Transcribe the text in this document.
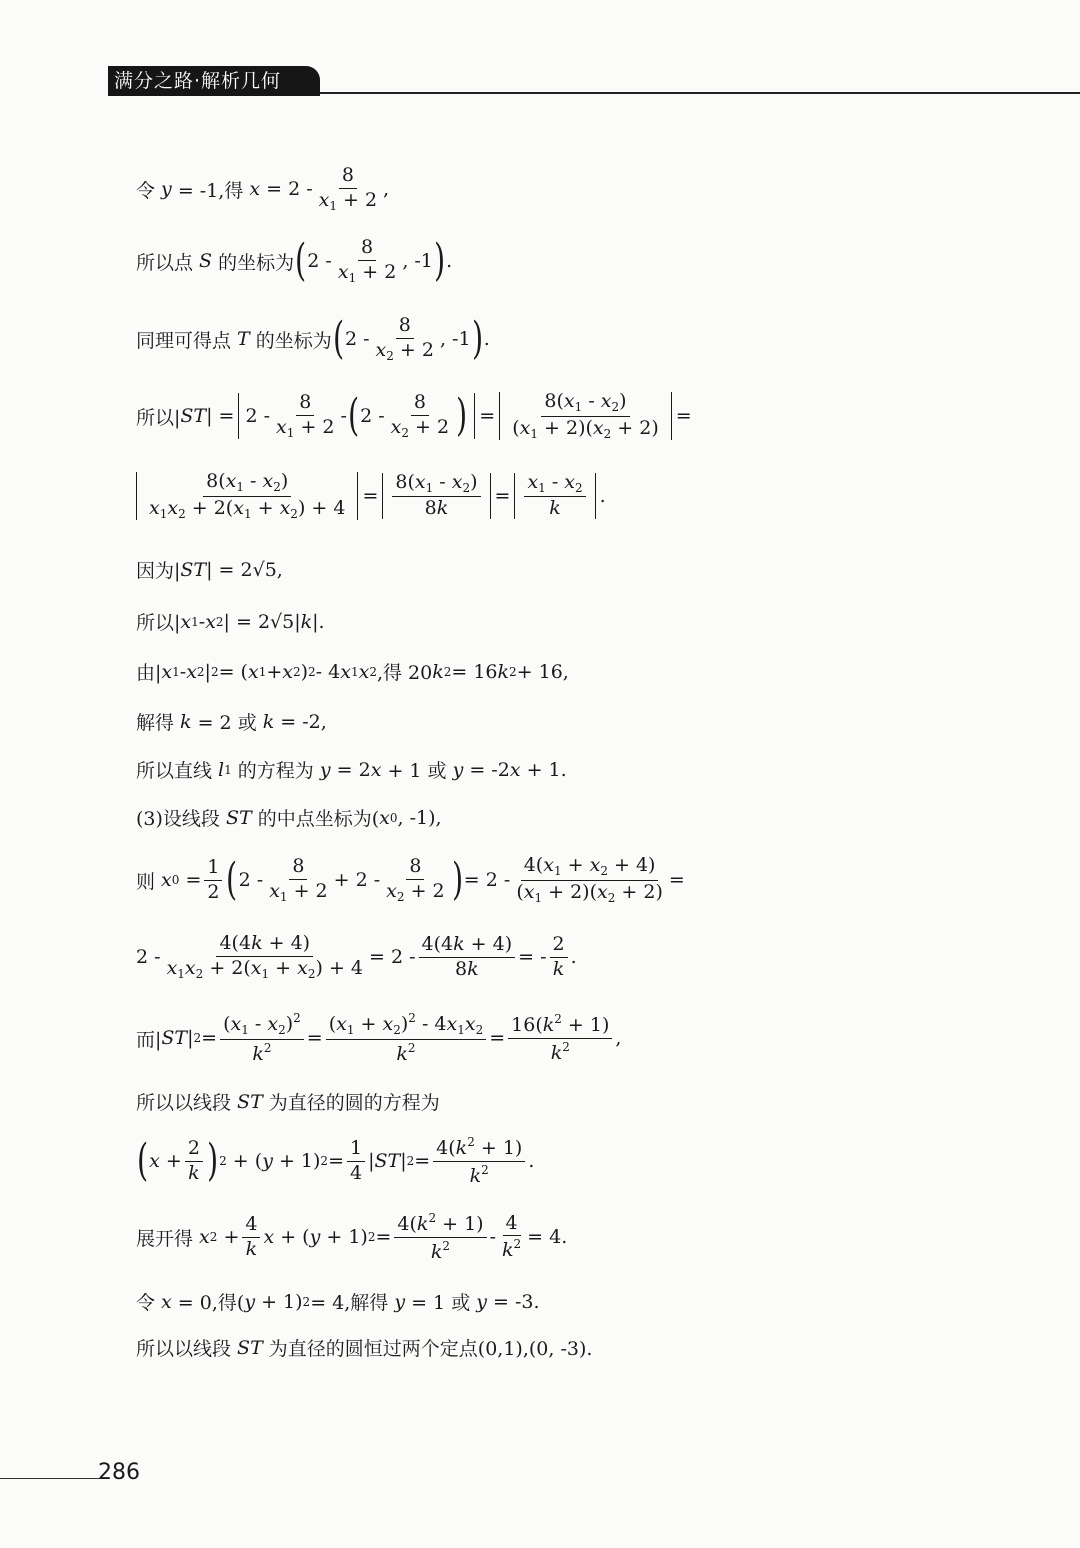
满分之路·解析几何
令 y = -1,得 $x = 2 - \frac{8}{x_1 + 2}$ ,
所以点 S 的坐标为 ( $2 - \frac{8}{x_1 + 2}$ , -1 ) .
同理可得点 T 的坐标为 ( $2 - \frac{8}{x_2 + 2}$ , -1 ) .
所以| ST | = $2 - \frac{8}{x_1 + 2}$ - ( $2 - \frac{8}{x_2 + 2}$ ) = $\frac{8(x_1 - x_2)}{(x_1 + 2)(x_2 + 2)}$ =
$\frac{8(x_1 - x_2)}{x_1x_2 + 2(x_1 + x_2) + 4} = \frac{8(x_1 - x_2)}{8k} = \frac{x_1 - x_2}{k}$ .
因为| ST | = 2√5,
所以| x 1 - x 2 | = 2√5| k |.
由| x 1 - x 2 | 2 = ( x 1 + x 2 ) 2 - 4 x 1 x 2 ,得 20 k 2 = 16 k 2 + 16,
解得 k = 2 或 k = -2,
所以直线 l 1 的方程为 y = 2 x + 1 或 y = -2 x + 1.
(3)设线段 ST 的中点坐标为( x 0 , -1),
则 x $0 = \frac{1}{2}$ ( $2 - \frac{8}{x_1 + 2} + 2 - \frac{8}{x_2 + 2}$ ) = $2 - \frac{4(x_1 + x_2 + 4)}{(x_1 + 2)(x_2 + 2)}$ =
$2 - \frac{4(4k + 4)}{x_1x_2 + 2(x_1 + x_2) + 4} = 2 - \frac{4(4k + 4)}{8k}$ = - $\frac{2}{k}$ .
而| ST | $2 = \frac{(x_1 - x_2)^2}{k^2} = \frac{(x_1 + x_2)^2 - 4x_1x_2}{k^2} = \frac{16(k^2 + 1)}{k^2}$ ,
所以以线段 ST 为直径的圆的方程为
( $x + \frac{2}{k}$ ) 2 + ( y + 1) $2 = \frac{1}{4}$ | ST | $2 = \frac{4(k^2 + 1)}{k^2}$ .
展开得 x $2 + \frac{4}{k}$ x + ( y + 1) $2 = \frac{4(k^2 + 1)}{k^2} - \frac{4}{k^2} = 4$.
令 x = 0,得( y + 1) 2 = 4,解得 y = 1 或 y = -3.
所以以线段 ST 为直径的圆恒过两个定点(0,1),(0, -3).
286
